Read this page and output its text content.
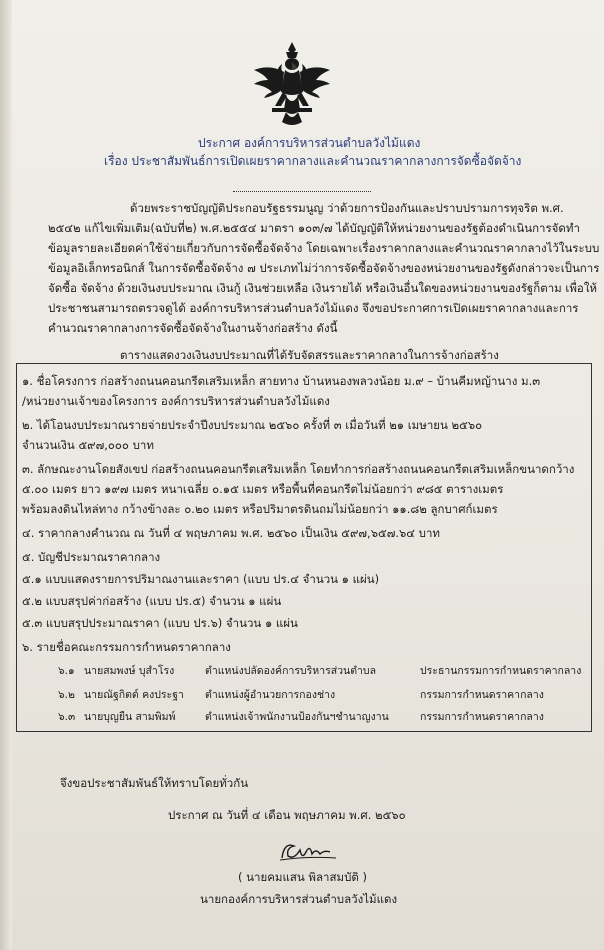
ประกาศ องค์การบริหารส่วนตำบลวังไม้แดง
เรื่อง ประชาสัมพันธ์การเปิดเผยราคากลางและคำนวณราคากลางการจัดซื้อจัดจ้าง
ด้วยพระราชบัญญัติประกอบรัฐธรรมนูญ ว่าด้วยการป้องกันและปราบปรามการทุจริต พ.ศ.
๒๕๔๒ แก้ไขเพิ่มเติม(ฉบับที่๒) พ.ศ.๒๕๕๔ มาตรา ๑๐๓/๗ ได้บัญญัติให้หน่วยงานของรัฐต้องดำเนินการจัดทำ
ข้อมูลรายละเอียดค่าใช้จ่ายเกี่ยวกับการจัดซื้อจัดจ้าง โดยเฉพาะเรื่องราคากลางและคำนวณราคากลางไว้ในระบบ
ข้อมูลอิเล็กทรอนิกส์ ในการจัดซื้อจัดจ้าง ๗ ประเภทไม่ว่าการจัดซื้อจัดจ้างของหน่วยงานของรัฐดังกล่าวจะเป็นการ
จัดซื้อ จัดจ้าง ด้วยเงินงบประมาณ เงินกู้ เงินช่วยเหลือ เงินรายได้ หรือเงินอื่นใดของหน่วยงานของรัฐก็ตาม เพื่อให้
ประชาชนสามารถตรวจดูได้ องค์การบริหารส่วนตำบลวังไม้แดง จึงขอประกาศการเปิดเผยราคากลางและการ
คำนวณราคากลางการจัดซื้อจัดจ้างในงานจ้างก่อสร้าง ดังนี้
ตารางแสดงวงเงินงบประมาณที่ได้รับจัดสรรและราคากลางในการจ้างก่อสร้าง
๑. ชื่อโครงการ ก่อสร้างถนนคอนกรีตเสริมเหล็ก สายทาง บ้านหนองพลวงน้อย ม.๙ – บ้านคีมหญ้านาง ม.๓
/หน่วยงานเจ้าของโครงการ องค์การบริหารส่วนตำบลวังไม้แดง
๒. ได้โอนงบประมาณรายจ่ายประจำปีงบประมาณ ๒๕๖๐ ครั้งที่ ๓ เมื่อวันที่ ๒๑ เมษายน ๒๕๖๐
จำนวนเงิน ๕๙๗,๐๐๐ บาท
๓. ลักษณะงานโดยสังเขป ก่อสร้างถนนคอนกรีตเสริมเหล็ก โดยทำการก่อสร้างถนนคอนกรีตเสริมเหล็กขนาดกว้าง
๕.๐๐ เมตร ยาว ๑๙๗ เมตร หนาเฉลี่ย ๐.๑๕ เมตร หรือพื้นที่คอนกรีตไม่น้อยกว่า ๙๘๕ ตารางเมตร
พร้อมลงดินไหล่ทาง กว้างข้างละ ๐.๒๐ เมตร หรือปริมาตรดินถมไม่น้อยกว่า ๑๑.๘๒ ลูกบาศก์เมตร
๔. ราคากลางคำนวณ ณ วันที่ ๔ พฤษภาคม พ.ศ. ๒๕๖๐ เป็นเงิน ๕๙๗,๖๕๗.๖๔ บาท
๕. บัญชีประมาณราคากลาง
๕.๑ แบบแสดงรายการปริมาณงานและราคา (แบบ ปร.๔ จำนวน ๑ แผ่น)
๕.๒ แบบสรุปค่าก่อสร้าง (แบบ ปร.๕) จำนวน ๑ แผ่น
๕.๓ แบบสรุปประมาณราคา (แบบ ปร.๖) จำนวน ๑ แผ่น
๖. รายชื่อคณะกรรมการกำหนดราคากลาง
๖.๑ นายสมพงษ์ บุสำโรง	ตำแหน่งปลัดองค์การบริหารส่วนตำบล	ประธานกรรมการกำหนดราคากลาง
๖.๒ นายณัฐกิตต์ คงประฐา ตำแหน่งผู้อำนวยการกองช่าง	กรรมการกำหนดราคากลาง
๖.๓ นายบุญยืน สามพิมพ์	ตำแหน่งเจ้าพนักงานป้องกันฯชำนาญงาน	กรรมการกำหนดราคากลาง
จึงขอประชาสัมพันธ์ให้ทราบโดยทั่วกัน
ประกาศ ณ วันที่ ๔ เดือน พฤษภาคม พ.ศ. ๒๕๖๐
( นายคมแสน พิลาสมบัติ )
นายกองค์การบริหารส่วนตำบลวังไม้แดง
